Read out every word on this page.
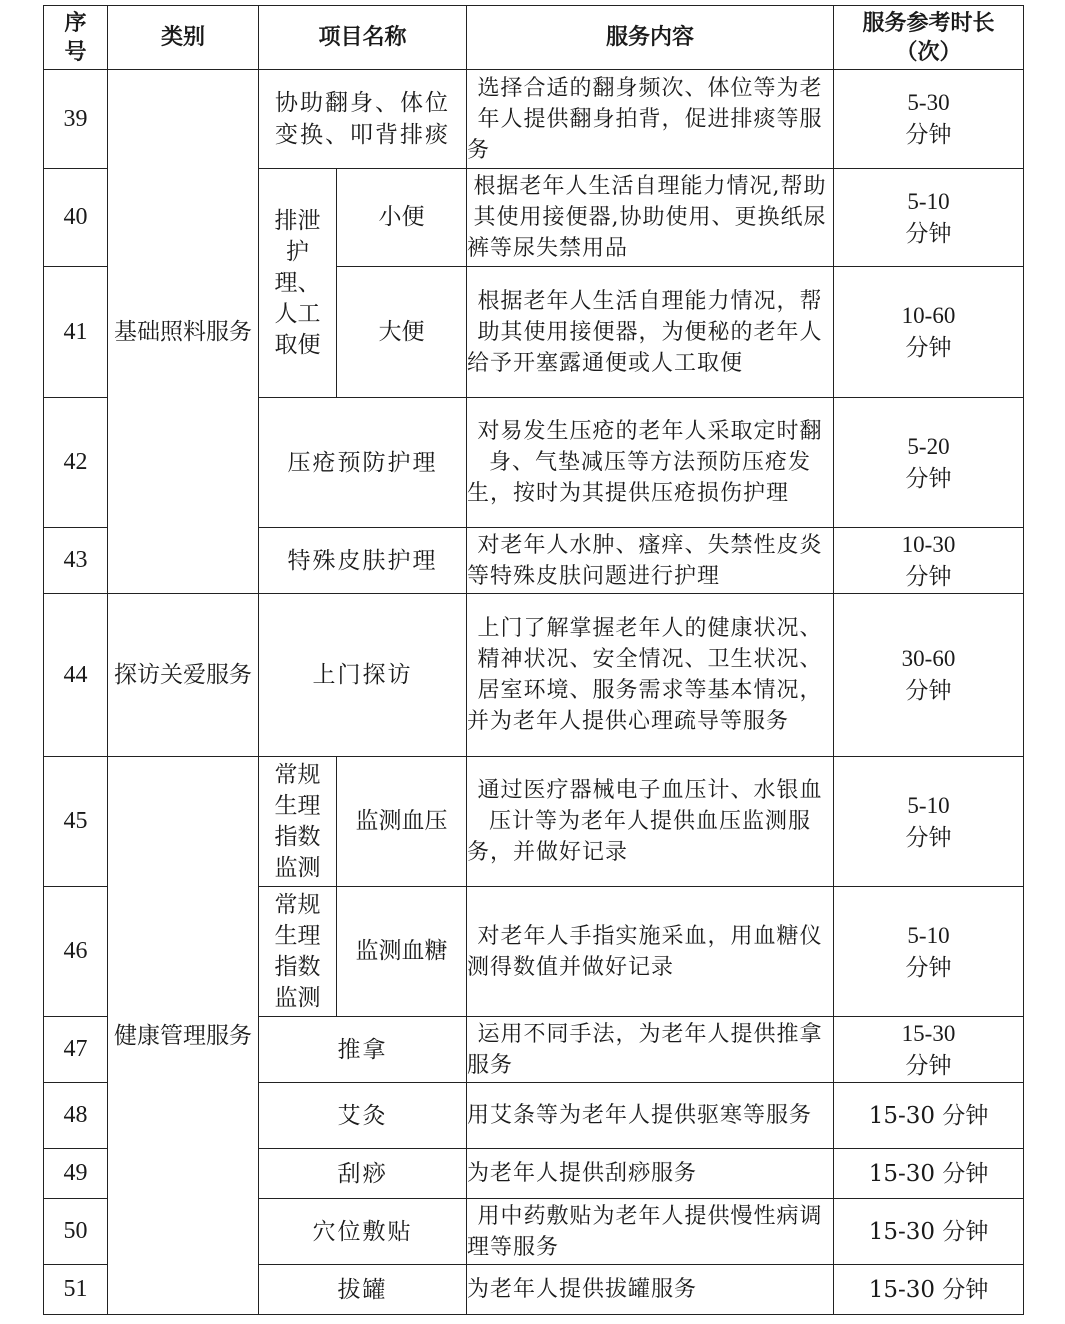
序号	类别	项目名称		服务内容	服务参考时长
（次）

39	基础照料服务	协助翻身、体位变换、叩背排痰		选择合适的翻身频次、体位等为老年人提供翻身拍背，促进排痰等服务	5-30
分钟

40		排泄护理、人工取便	小便	根据老年人生活自理能力情况,帮助其使用接便器,协助使用、更换纸尿裤等尿失禁用品	5-10
分钟

41			大便	根据老年人生活自理能力情况，帮助其使用接便器，为便秘的老年人给予开塞露通便或人工取便	10-60
分钟

42		压疮预防护理		对易发生压疮的老年人采取定时翻身、气垫减压等方法预防压疮发生，按时为其提供压疮损伤护理	5-20
分钟

43		特殊皮肤护理		对老年人水肿、瘙痒、失禁性皮炎等特殊皮肤问题进行护理	10-30
分钟

44	探访关爱服务	上门探访		上门了解掌握老年人的健康状况、精神状况、安全情况、卫生状况、居室环境、服务需求等基本情况，并为老年人提供心理疏导等服务	30-60
分钟

45	健康管理服务	常规生理指数监测	监测血压	通过医疗器械电子血压计、水银血压计等为老年人提供血压监测服务，并做好记录	5-10
分钟

46		常规生理指数监测	监测血糖	对老年人手指实施采血，用血糖仪测得数值并做好记录	5-10
分钟

47		推拿		运用不同手法，为老年人提供推拿服务	15-30
分钟

48		艾灸		用艾条等为老年人提供驱寒等服务	15-30 分钟

49		刮痧		为老年人提供刮痧服务	15-30 分钟

50		穴位敷贴		用中药敷贴为老年人提供慢性病调理等服务	15-30 分钟

51		拔罐		为老年人提供拔罐服务	15-30 分钟
